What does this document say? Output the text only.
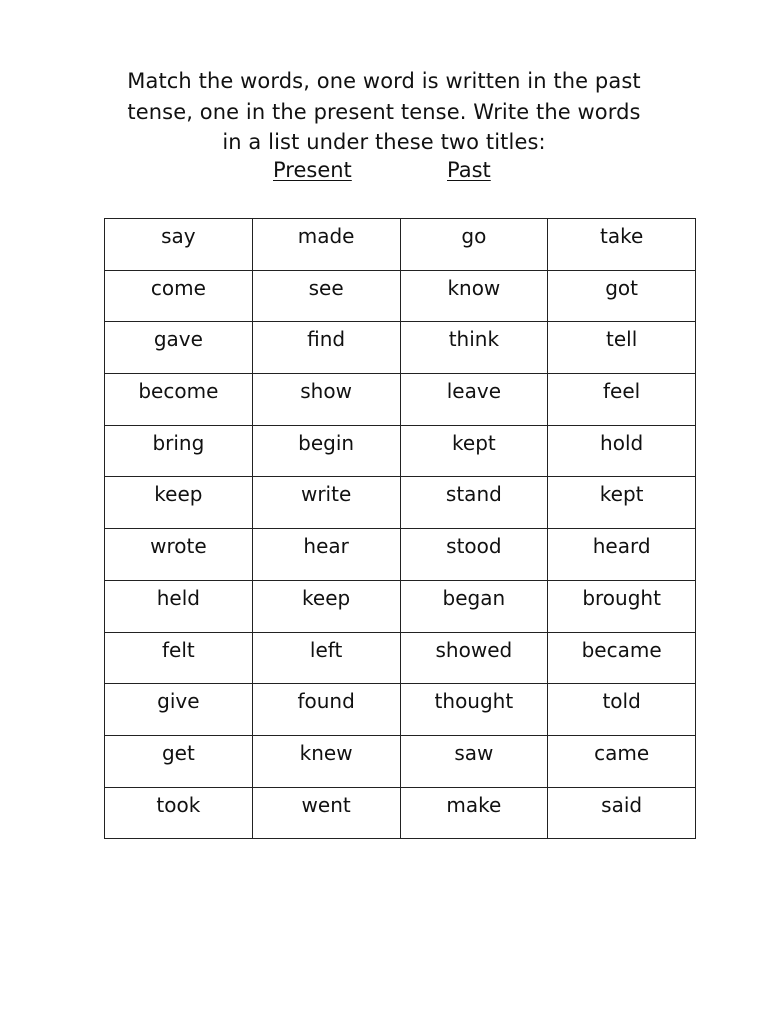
Match the words, one word is written in the past
tense, one in the present tense. Write the words
in a list under these two titles:
Present	Past
say	made	go	take
come	see	know	got
gave	find	think	tell
become	show	leave	feel
bring	begin	kept	hold
keep	write	stand	kept
wrote	hear	stood	heard
held	keep	began	brought
felt	left	showed	became
give	found	thought	told
get	knew	saw	came
took	went	make	said
